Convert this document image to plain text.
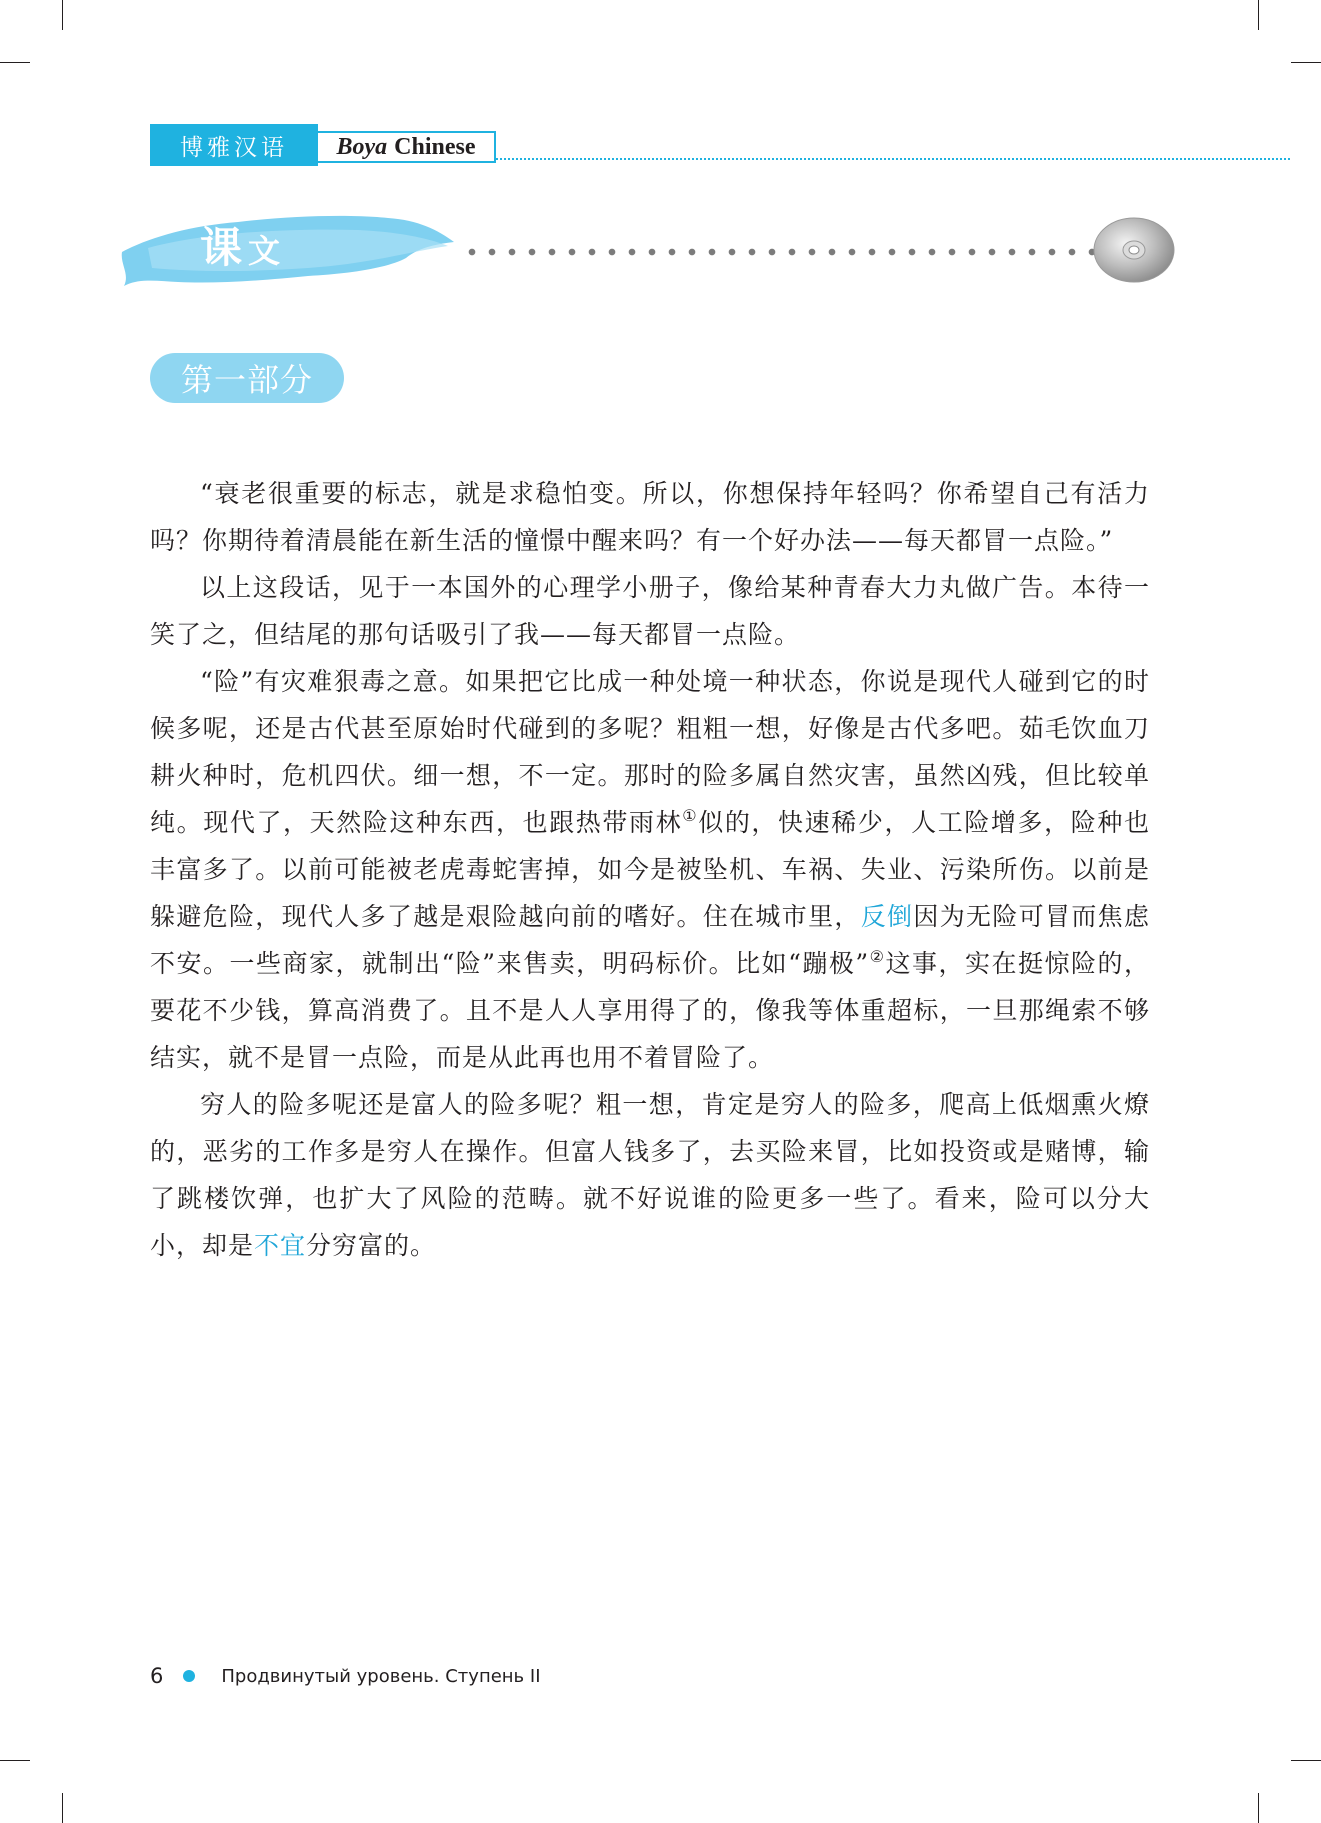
博雅汉语	Boya Chinese
课文
第一部分

“衰老很重要的标志，就是求稳怕变。所以，你想保持年轻吗？你希望自己有活力吗？你期待着清晨能在新生活的憧憬中醒来吗？有一个好办法——每天都冒一点险。”

以上这段话，见于一本国外的心理学小册子，像给某种青春大力丸做广告。本待一笑了之，但结尾的那句话吸引了我——每天都冒一点险。

“险”有灾难狠毒之意。如果把它比成一种处境一种状态，你说是现代人碰到它的时候多呢，还是古代甚至原始时代碰到的多呢？粗粗一想，好像是古代多吧。茹毛饮血刀耕火种时，危机四伏。细一想，不一定。那时的险多属自然灾害，虽然凶残，但比较单纯。现代了，天然险这种东西，也跟热带雨林①似的，快速稀少，人工险增多，险种也丰富多了。以前可能被老虎毒蛇害掉，如今是被坠机、车祸、失业、污染所伤。以前是躲避危险，现代人多了越是艰险越向前的嗜好。住在城市里，反倒因为无险可冒而焦虑不安。一些商家，就制出“险”来售卖，明码标价。比如“蹦极”②这事，实在挺惊险的，要花不少钱，算高消费了。且不是人人享用得了的，像我等体重超标，一旦那绳索不够结实，就不是冒一点险，而是从此再也用不着冒险了。

穷人的险多呢还是富人的险多呢？粗一想，肯定是穷人的险多，爬高上低烟熏火燎的，恶劣的工作多是穷人在操作。但富人钱多了，去买险来冒，比如投资或是赌博，输了跳楼饮弹，也扩大了风险的范畴。就不好说谁的险更多一些了。看来，险可以分大小，却是不宜分穷富的。

6	Продвинутый уровень. Ступень II
